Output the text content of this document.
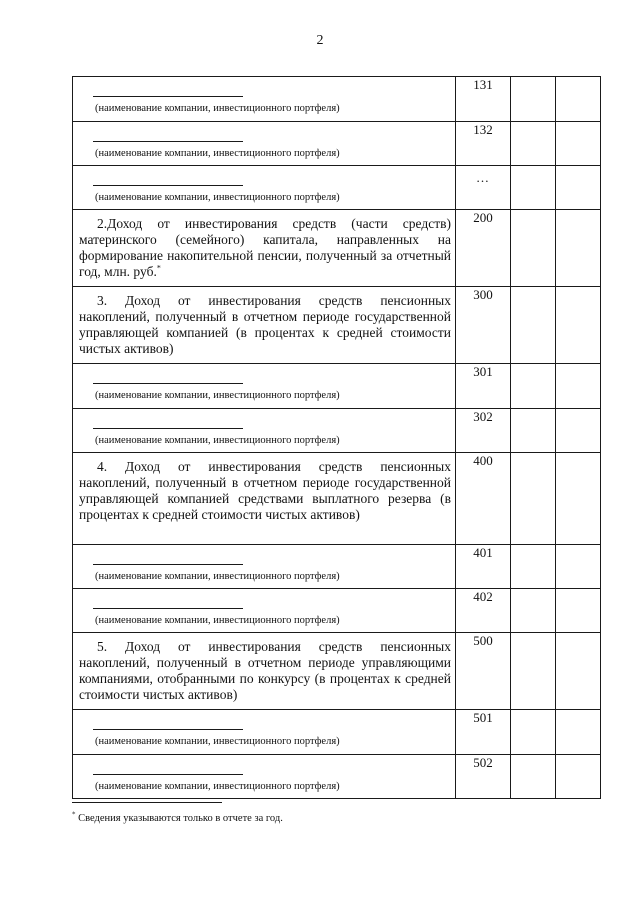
2
(наименование компании, инвестиционного портфеля)	131		

(наименование компании, инвестиционного портфеля)	132		

(наименование компании, инвестиционного портфеля)	…		

2.Доход от инвестирования средств (части средств) материнского (семейного) капитала, направленных на формирование накопительной пенсии, полученный за отчетный год, млн. руб.*	200		

3. Доход от инвестирования средств пенсионных накоплений, полученный в отчетном периоде государственной управляющей компанией (в процентах к средней стоимости чистых активов)	300		

(наименование компании, инвестиционного портфеля)	301		

(наименование компании, инвестиционного портфеля)	302		

4. Доход от инвестирования средств пенсионных накоплений, полученный в отчетном периоде государственной управляющей компанией средствами выплатного резерва (в процентах к средней стоимости чистых активов)	400		

(наименование компании, инвестиционного портфеля)	401		

(наименование компании, инвестиционного портфеля)	402		

5. Доход от инвестирования средств пенсионных накоплений, полученный в отчетном периоде управляющими компаниями, отобранными по конкурсу (в процентах к средней стоимости чистых активов)	500		

(наименование компании, инвестиционного портфеля)	501		

(наименование компании, инвестиционного портфеля)	502		
* Сведения указываются только в отчете за год.
